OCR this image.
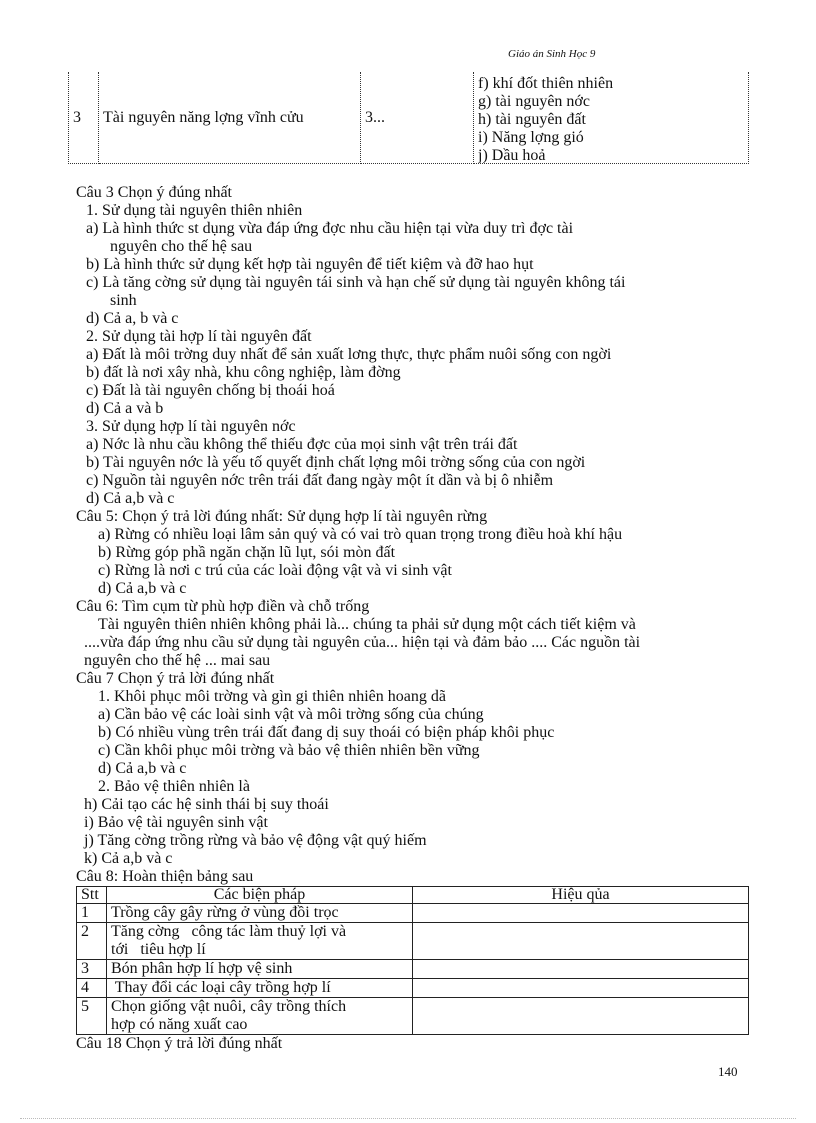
Giáo án Sinh Học 9
3	Tài nguyên năng lợng vĩnh cửu	3...	
f) khí đốt thiên nhiên
g) tài nguyên nớc
h) tài nguyên đất
i) Năng lợng gió
j) Dầu hoả
Câu 3 Chọn ý đúng nhất
1. Sử dụng tài nguyên thiên nhiên
a) Là hình thức st dụng vừa đáp ứng đợc nhu cầu hiện tại vừa duy trì đợc tài
nguyên cho thế hệ sau
b) Là hình thức sử dụng kết hợp tài nguyên để tiết kiệm và đỡ hao hụt
c) Là tăng cờng sử dụng tài nguyên tái sinh và hạn chế sử dụng tài nguyên không tái
sinh
d) Cả a, b và c
2. Sử dụng tài hợp lí tài nguyên đất
a) Đất là môi trờng duy nhất để sản xuất lơng thực, thực phẩm nuôi sống con ngời
b) đất là nơi xây nhà, khu công nghiệp, làm đờng
c) Đất là tài nguyên chống bị thoái hoá
d) Cả a và b
3. Sử dụng hợp lí tài nguyên nớc
a) Nớc là nhu cầu không thể thiếu đợc của mọi sinh vật trên trái đất
b) Tài nguyên nớc là yếu tố quyết định chất lợng môi trờng sống của con ngời
c) Nguồn tài nguyên nớc trên trái đất đang ngày một ít dần và bị ô nhiễm
d) Cả a,b và c
Câu 5: Chọn ý trả lời đúng nhất: Sử dụng hợp lí tài nguyên rừng
a) Rừng có nhiều loại lâm sản quý và có vai trò quan trọng trong điều hoà khí hậu
b) Rừng góp phầ ngăn chặn lũ lụt, sói mòn đất
c) Rừng là nơi c trú của các loài động vật và vi sinh vật
d) Cả a,b và c
Câu 6: Tìm cụm từ phù hợp điền và chỗ trống
Tài nguyên thiên nhiên không phải là... chúng ta phải sử dụng một cách tiết kiệm và
....vừa đáp ứng nhu cầu sử dụng tài nguyên của... hiện tại và đảm bảo .... Các nguồn tài
nguyên cho thế hệ ... mai sau
Câu 7 Chọn ý trả lời đúng nhất
1. Khôi phục môi trờng và gìn gi thiên nhiên hoang dã
a) Cần bảo vệ các loài sinh vật và môi trờng sống của chúng
b) Có nhiều vùng trên trái đất đang dị suy thoái có biện pháp khôi phục
c) Cần khôi phục môi trờng và bảo vệ thiên nhiên bền vững
d) Cả a,b và c
2. Bảo vệ thiên nhiên là
h) Cải tạo các hệ sinh thái bị suy thoái
i) Bảo vệ tài nguyên sinh vật
j) Tăng cờng trồng rừng và bảo vệ động vật quý hiếm
k) Cả a,b và c
Câu 8: Hoàn thiện bảng sau
Stt	Các biện pháp	Hiệu qủa
1	Trồng cây gây rừng ở vùng đồi trọc	

2	Tăng cờng   công tác làm thuỷ lợi và
tới   tiêu hợp lí	

3	Bón phân hợp lí hợp vệ sinh	

4	Thay đổi các loại cây trồng hợp lí	

5	Chọn giống vật nuôi, cây trồng thích
hợp có năng xuất cao	

Câu 18 Chọn ý trả lời đúng nhất
140
